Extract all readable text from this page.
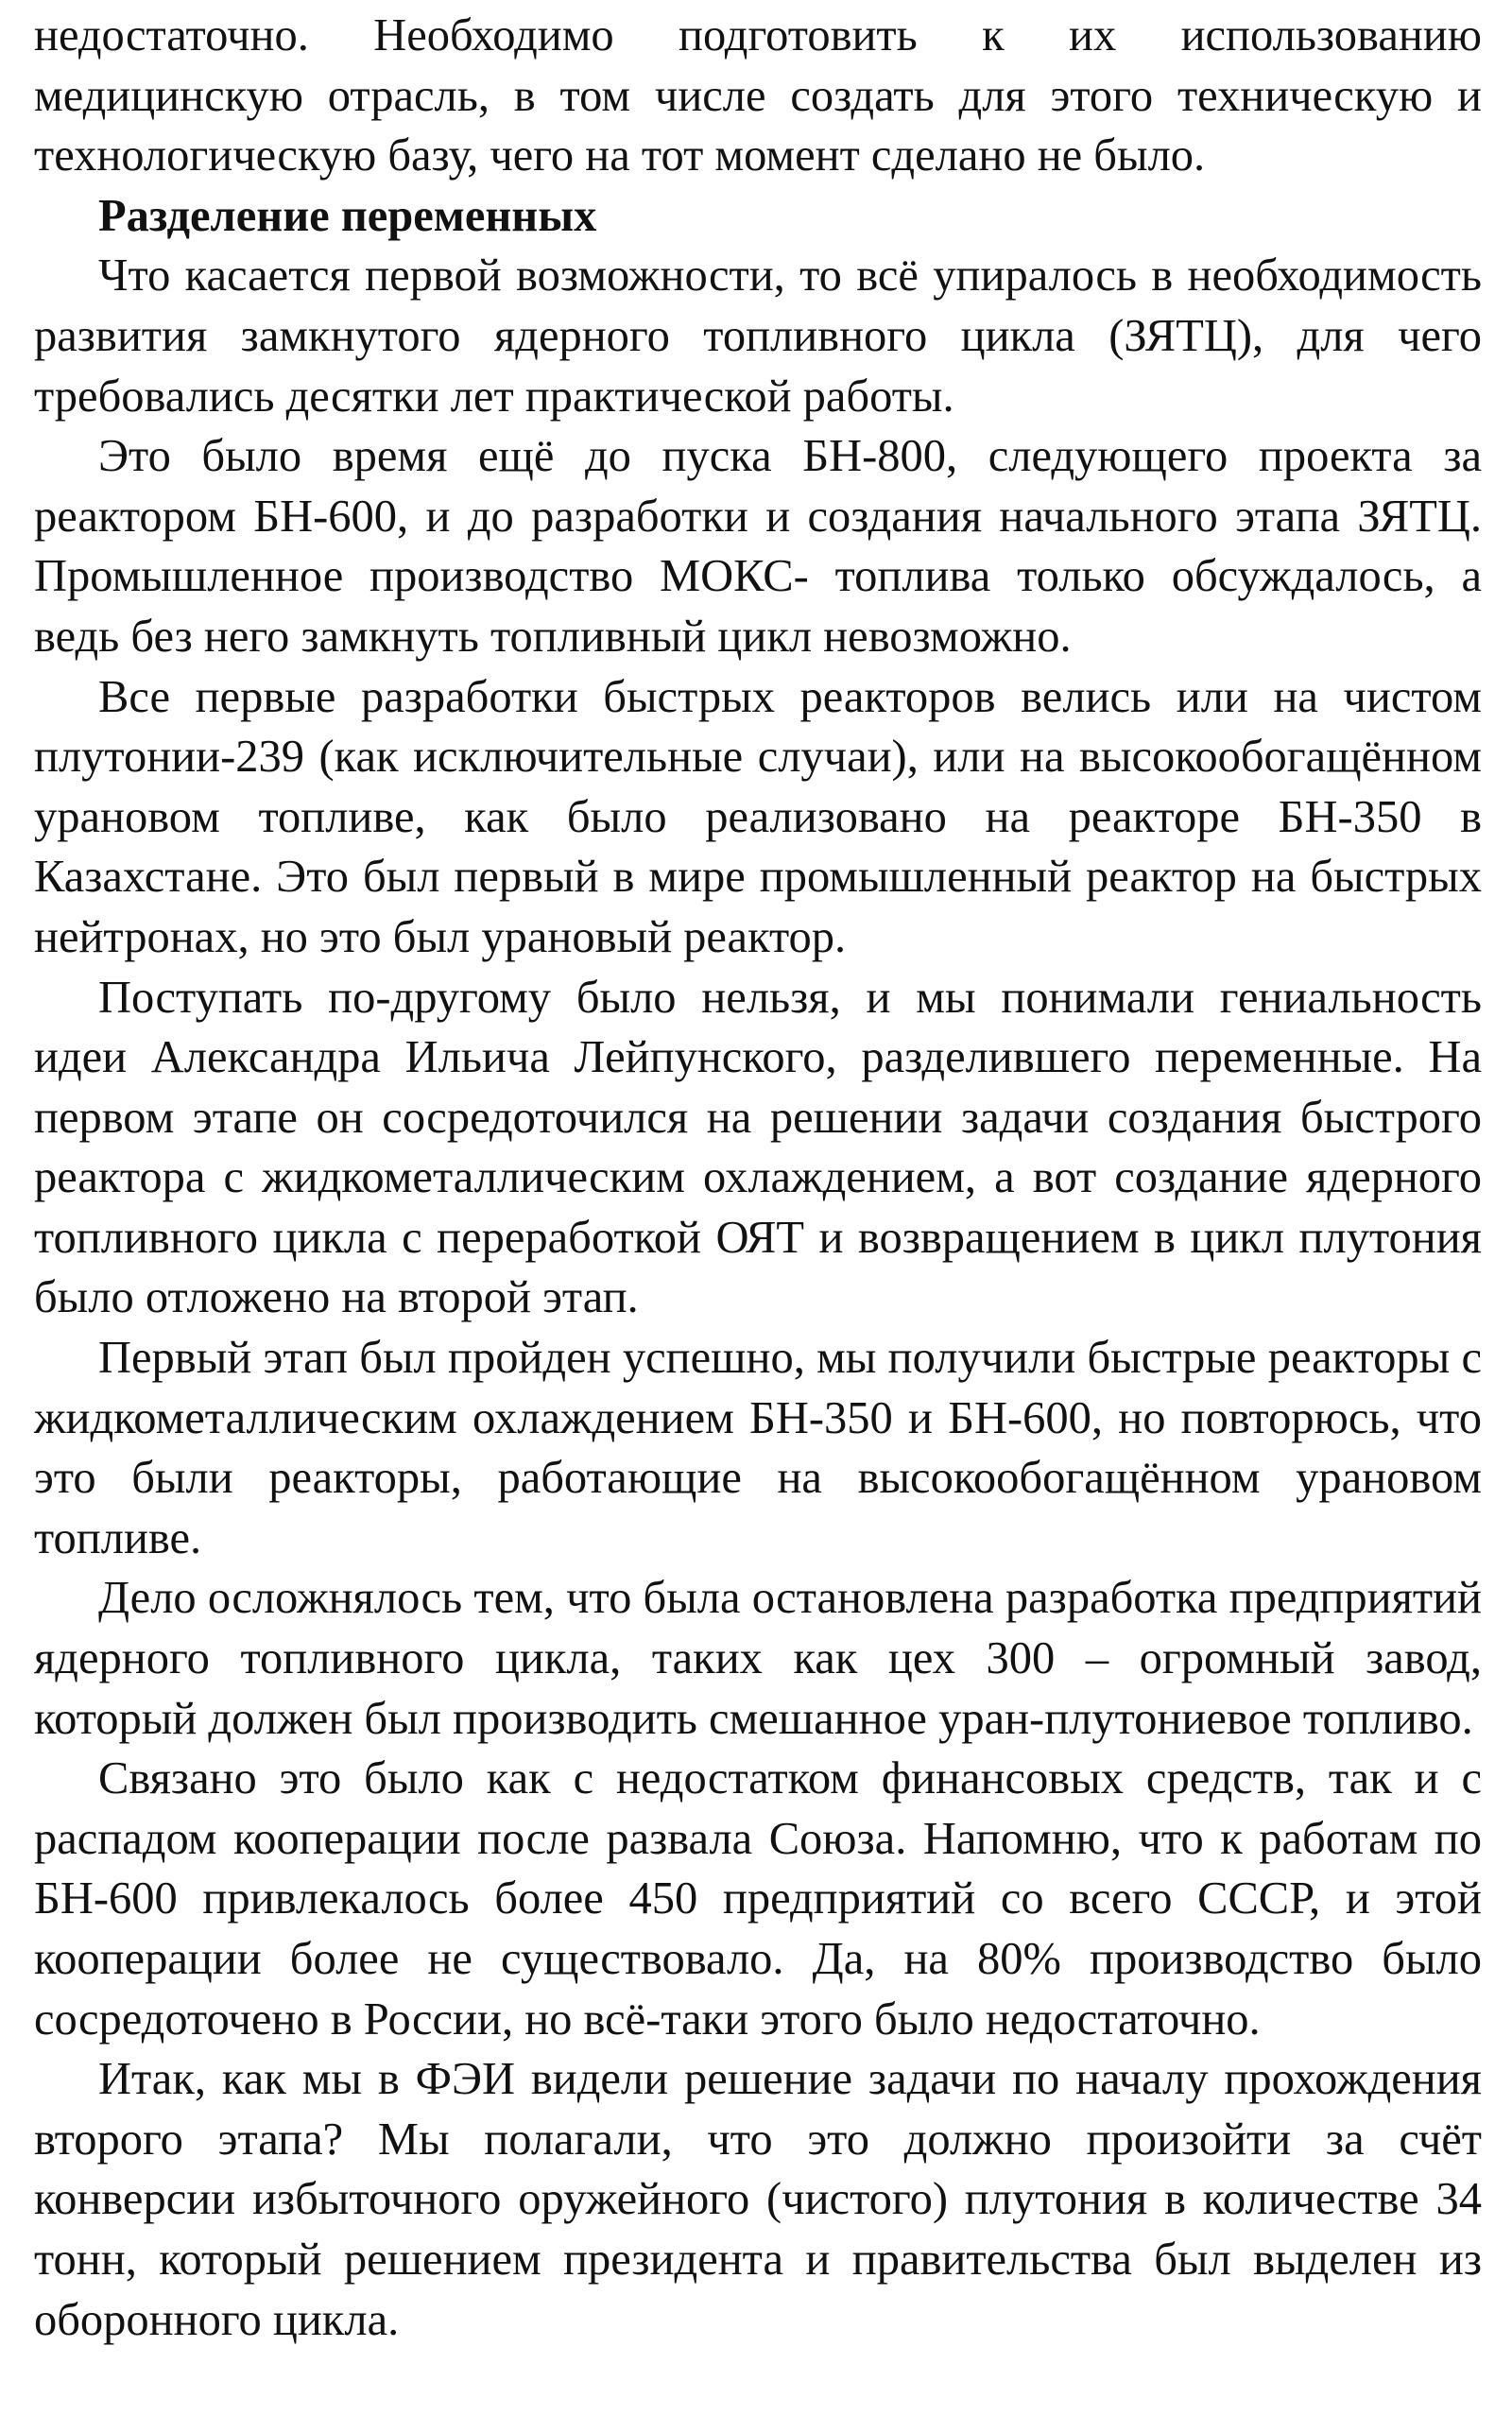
недостаточно. Необходимо подготовить к их использованию медицинскую отрасль, в том числе создать для этого техническую и технологическую базу, чего на тот момент сделано не было.

Разделение переменных

Что касается первой возможности, то всё упиралось в необходимость развития замкнутого ядерного топливного цикла (ЗЯТЦ), для чего требовались десятки лет практической работы.

Это было время ещё до пуска БН-800, следующего проекта за реактором БН-600, и до разработки и создания начального этапа ЗЯТЦ. Промышленное производство МОКС- топлива только обсуждалось, а ведь без него замкнуть топливный цикл невозможно.

Все первые разработки быстрых реакторов велись или на чистом плутонии-239 (как исключительные случаи), или на высокообогащённом урановом топливе, как было реализовано на реакторе БН-350 в Казахстане. Это был первый в мире промышленный реактор на быстрых нейтронах, но это был урановый реактор.

Поступать по-другому было нельзя, и мы понимали гениальность идеи Александра Ильича Лейпунского, разделившего переменные. На первом этапе он сосредоточился на решении задачи создания быстрого реактора с жидкометаллическим охлаждением, а вот создание ядерного топливного цикла с переработкой ОЯТ и возвращением в цикл плутония было отложено на второй этап.

Первый этап был пройден успешно, мы получили быстрые реакторы с жидкометаллическим охлаждением БН-350 и БН-600, но повторюсь, что это были реакторы, работающие на высокообогащённом урановом топливе.

Дело осложнялось тем, что была остановлена разработка предприятий ядерного топливного цикла, таких как цех 300 – огромный завод, который должен был производить смешанное уран-плутониевое топливо.

Связано это было как с недостатком финансовых средств, так и с распадом кооперации после развала Союза. Напомню, что к работам по БН-600 привлекалось более 450 предприятий со всего СССР, и этой кооперации более не существовало. Да, на 80% производство было сосредоточено в России, но всё-таки этого было недостаточно.

Итак, как мы в ФЭИ видели решение задачи по началу прохождения второго этапа? Мы полагали, что это должно произойти за счёт конверсии избыточного оружейного (чистого) плутония в количестве 34 тонн, который решением президента и правительства был выделен из оборонного цикла.
